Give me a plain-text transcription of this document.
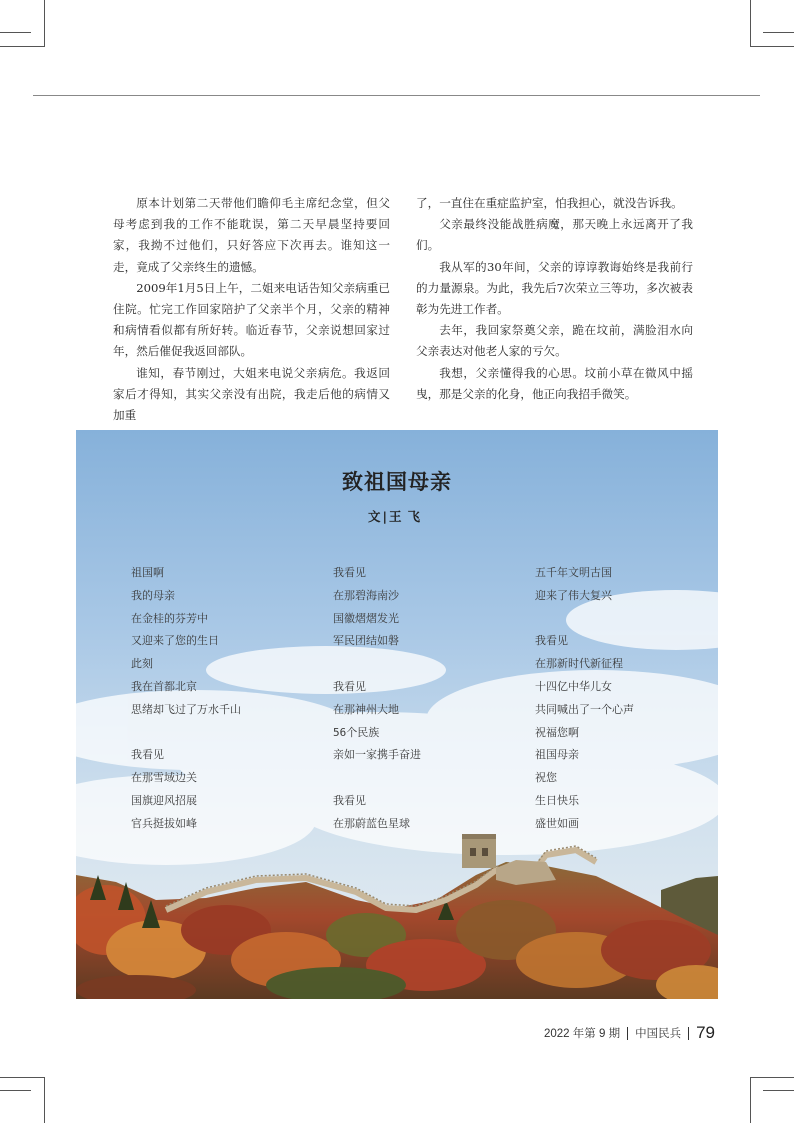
原本计划第二天带他们瞻仰毛主席纪念堂，但父母考虑到我的工作不能耽误，第二天早晨坚持要回家，我拗不过他们，只好答应下次再去。谁知这一走，竟成了父亲终生的遗憾。

2009年1月5日上午，二姐来电话告知父亲病重已住院。忙完工作回家陪护了父亲半个月，父亲的精神和病情看似都有所好转。临近春节，父亲说想回家过年，然后催促我返回部队。

谁知，春节刚过，大姐来电说父亲病危。我返回家后才得知，其实父亲没有出院，我走后他的病情又加重

了，一直住在重症监护室，怕我担心，就没告诉我。

父亲最终没能战胜病魔，那天晚上永远离开了我们。

我从军的30年间，父亲的谆谆教诲始终是我前行的力量源泉。为此，我先后7次荣立三等功，多次被表彰为先进工作者。

去年，我回家祭奠父亲，跪在坟前，满脸泪水向父亲表达对他老人家的亏欠。

我想，父亲懂得我的心思。坟前小草在微风中摇曳，那是父亲的化身，他正向我招手微笑。

致祖国母亲
文 | 王飞
祖国啊
我的母亲
在金桂的芬芳中
又迎来了您的生日
此刻
我在首都北京
思绪却飞过了万水千山
我看见
在那雪域边关
国旗迎风招展
官兵挺拔如峰
我看见
在那碧海南沙
国徽熠熠发光
军民团结如磐
我看见
在那神州大地
56个民族
亲如一家携手奋进
我看见
在那蔚蓝色星球
五千年文明古国
迎来了伟大复兴
我看见
在那新时代新征程
十四亿中华儿女
共同喊出了一个心声
祝福您啊
祖国母亲
祝您
生日快乐
盛世如画
2022 年第 9 期 中国民兵 79
